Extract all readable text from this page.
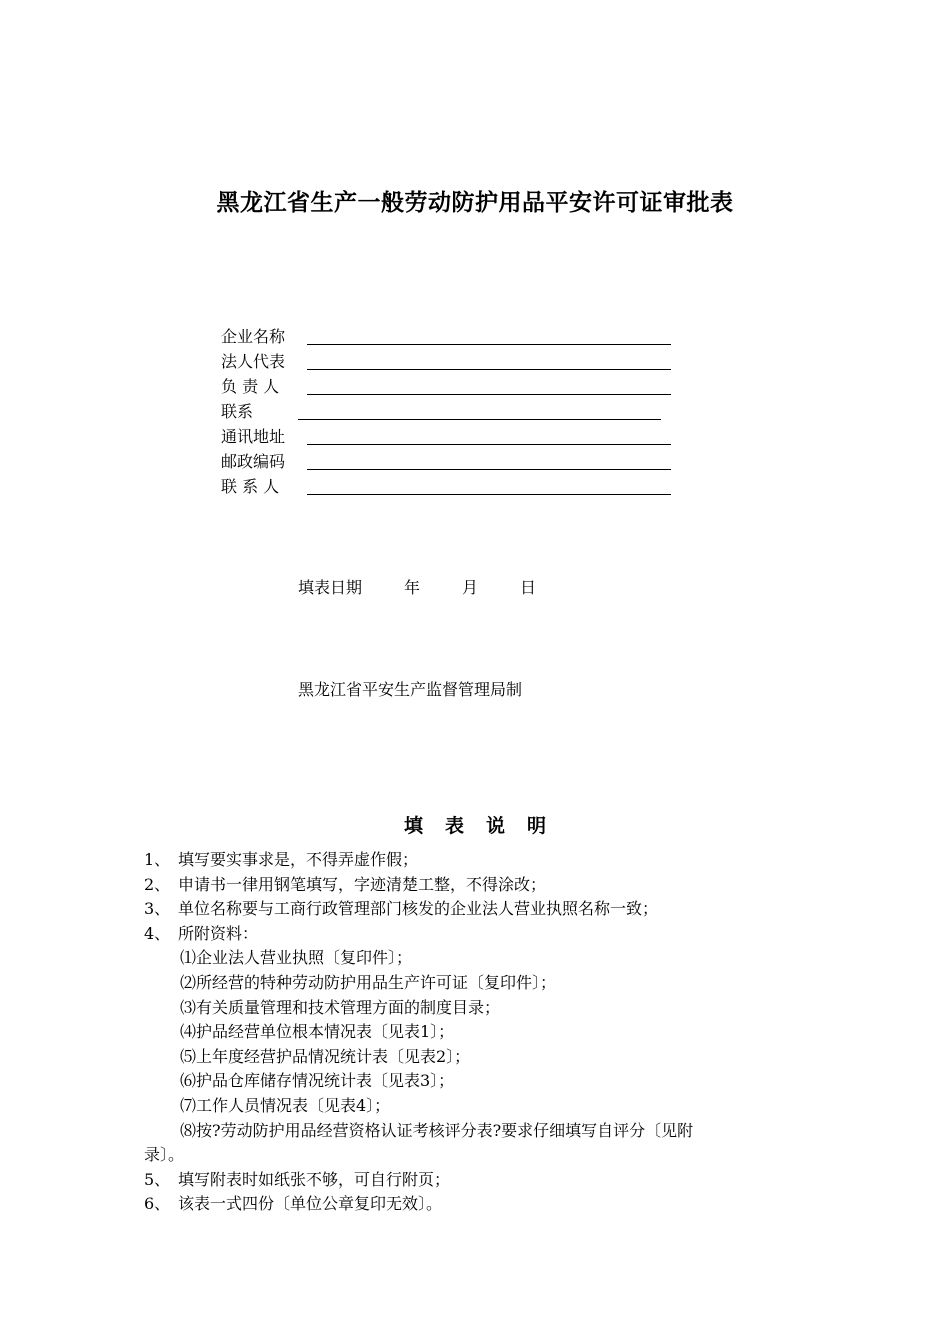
黑龙江省生产一般劳动防护用品平安许可证审批表
企业名称
法人代表
负 责 人
联系
通讯地址
邮政编码
联 系 人
填表日期	年	月	日
黑龙江省平安生产监督管理局制
填表说明
1、 填写要实事求是，不得弄虚作假；
2、 申请书一律用钢笔填写，字迹清楚工整，不得涂改；
3、 单位名称要与工商行政管理部门核发的企业法人营业执照名称一致；
4、 所附资料：
⑴企业法人营业执照〔复印件〕；
⑵所经营的特种劳动防护用品生产许可证〔复印件〕；
⑶有关质量管理和技术管理方面的制度目录；
⑷护品经营单位根本情况表〔见表1〕；
⑸上年度经营护品情况统计表〔见表2〕；
⑹护品仓库储存情况统计表〔见表3〕；
⑺工作人员情况表〔见表4〕；
⑻按?劳动防护用品经营资格认证考核评分表?要求仔细填写自评分〔见附
录〕。
5、 填写附表时如纸张不够，可自行附页；
6、 该表一式四份〔单位公章复印无效〕。
